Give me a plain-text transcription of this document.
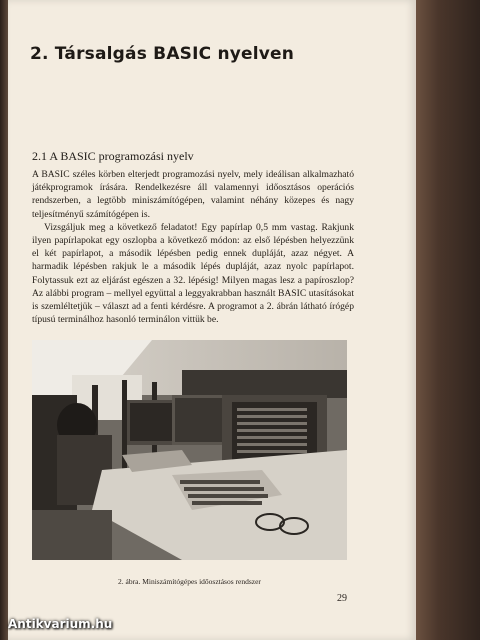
2. Társalgás BASIC nyelven
2.1 A BASIC programozási nyelv

A BASIC széles körben elterjedt programozási nyelv, mely ideálisan alkalmazható játékprogramok írására. Rendelkezésre áll valamennyi időosztásos operációs rendszerben, a legtöbb miniszámítógépen, valamint néhány közepes és nagy teljesítményű számítógépen is.

Vizsgáljuk meg a következő feladatot! Egy papírlap 0,5 mm vastag. Rakjunk ilyen papírlapokat egy oszlopba a következő módon: az első lépésben helyezzünk el két papírlapot, a második lépésben pedig ennek dupláját, azaz négyet. A harmadik lépésben rakjuk le a második lépés dupláját, azaz nyolc papírlapot. Folytassuk ezt az eljárást egészen a 32. lépésig! Milyen magas lesz a papíroszlop? Az alábbi program – mellyel együttal a leggyakrabban használt BASIC utasításokat is szemléltetjük – választ ad a fenti kérdésre. A programot a 2. ábrán látható írógép típusú terminálhoz hasonló terminálon vittük be.

2. ábra. Miniszámítógépes időosztásos rendszer
29
Antikvarium.hu
